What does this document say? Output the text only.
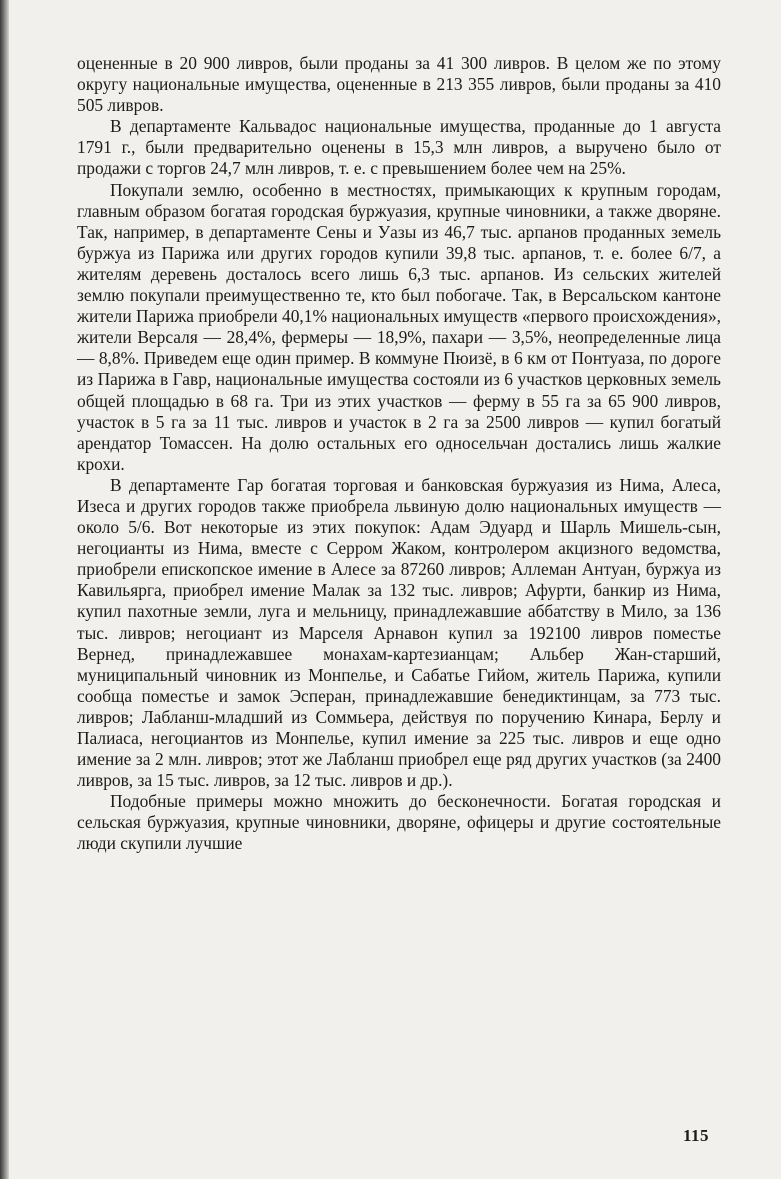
оцененные в 20 900 ливров, были проданы за 41 300 ливров. В целом же по этому округу национальные имущества, оцененные в 213 355 ливров, были проданы за 410 505 ливров.

В департаменте Кальвадос национальные имущества, проданные до 1 августа 1791 г., были предварительно оценены в 15,3 млн ливров, а выручено было от продажи с торгов 24,7 млн ливров, т. е. с превышением более чем на 25%.

Покупали землю, особенно в местностях, примыкающих к крупным городам, главным образом богатая городская буржуазия, крупные чиновники, а также дворяне. Так, например, в департаменте Сены и Уазы из 46,7 тыс. арпанов проданных земель буржуа из Парижа или других городов купили 39,8 тыс. арпанов, т. е. более 6/7, а жителям деревень досталось всего лишь 6,3 тыс. арпанов. Из сельских жителей землю покупали преимущественно те, кто был побогаче. Так, в Версальском кантоне жители Парижа приобрели 40,1% национальных имуществ «первого происхождения», жители Версаля — 28,4%, фермеры — 18,9%, пахари — 3,5%, неопределенные лица — 8,8%. Приведем еще один пример. В коммуне Пюизё, в 6 км от Понтуаза, по дороге из Парижа в Гавр, национальные имущества состояли из 6 участков церковных земель общей площадью в 68 га. Три из этих участков — ферму в 55 га за 65 900 ливров, участок в 5 га за 11 тыс. ливров и участок в 2 га за 2500 ливров — купил богатый арендатор Томассен. На долю остальных его односельчан достались лишь жалкие крохи.

В департаменте Гар богатая торговая и банковская буржуазия из Нима, Алеса, Изеса и других городов также приобрела львиную долю национальных имуществ — около 5/6. Вот некоторые из этих покупок: Адам Эдуард и Шарль Мишель-сын, негоцианты из Нима, вместе с Серром Жаком, контролером акцизного ведомства, приобрели епископское имение в Алесе за 87260 ливров; Аллеман Антуан, буржуа из Кавильярга, приобрел имение Малак за 132 тыс. ливров; Афурти, банкир из Нима, купил пахотные земли, луга и мельницу, принадлежавшие аббатству в Мило, за 136 тыс. ливров; негоциант из Марселя Арнавон купил за 192100 ливров поместье Вернед, принадлежавшее монахам-картезианцам; Альбер Жан-старший, муниципальный чиновник из Монпелье, и Сабатье Гийом, житель Парижа, купили сообща поместье и замок Эсперан, принадлежавшие бенедиктинцам, за 773 тыс. ливров; Лабланш-младший из Соммьера, действуя по поручению Кинара, Берлу и Палиаса, негоциантов из Монпелье, купил имение за 225 тыс. ливров и еще одно имение за 2 млн. ливров; этот же Лабланш приобрел еще ряд других участков (за 2400 ливров, за 15 тыс. ливров, за 12 тыс. ливров и др.).

Подобные примеры можно множить до бесконечности. Богатая городская и сельская буржуазия, крупные чиновники, дворяне, офицеры и другие состоятельные люди скупили лучшие

115
